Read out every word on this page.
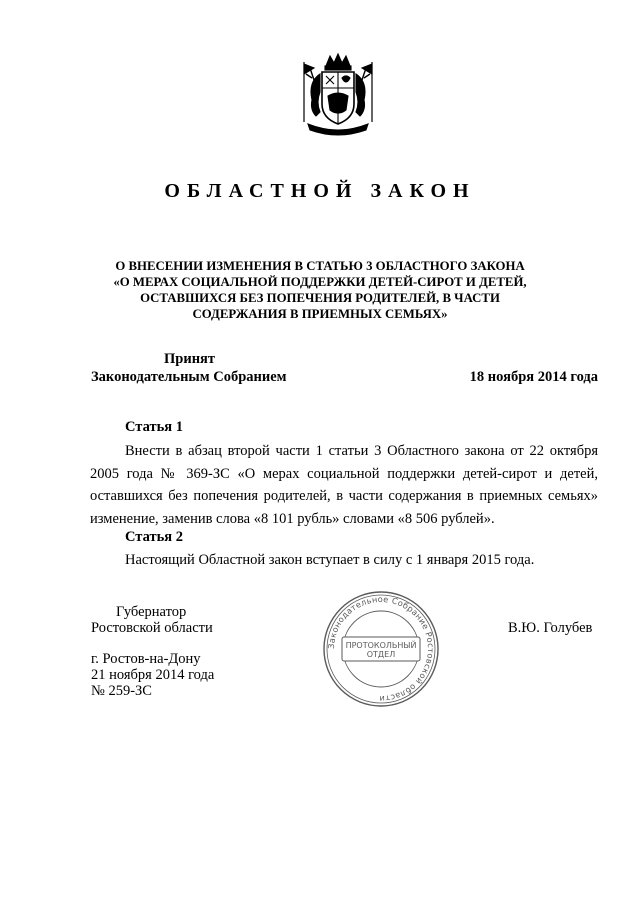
ОБЛАСТНОЙ ЗАКОН
О ВНЕСЕНИИ ИЗМЕНЕНИЯ В СТАТЬЮ 3 ОБЛАСТНОГО ЗАКОНА
«О МЕРАХ СОЦИАЛЬНОЙ ПОДДЕРЖКИ ДЕТЕЙ-СИРОТ И ДЕТЕЙ,
ОСТАВШИХСЯ БЕЗ ПОПЕЧЕНИЯ РОДИТЕЛЕЙ, В ЧАСТИ
СОДЕРЖАНИЯ В ПРИЕМНЫХ СЕМЬЯХ»
Принят
Законодательным Собранием	18 ноября 2014 года
Статья 1
Внести в абзац второй части 1 статьи 3 Областного закона от 22 октября
2005 года № 369-ЗС «О мерах социальной поддержки детей-сирот и детей,
оставшихся без попечения родителей, в части содержания в приемных семьях»
изменение, заменив слова «8 101 рубль» словами «8 506 рублей».
Статья 2
Настоящий Областной закон вступает в силу с 1 января 2015 года.
Губернатор
Ростовской области	В.Ю. Голубев
г. Ростов-на-Дону
21 ноября 2014 года
№ 259-ЗС
Законодательное Собрание Ростовской области
ПРОТОКОЛЬНЫЙ
ОТДЕЛ
